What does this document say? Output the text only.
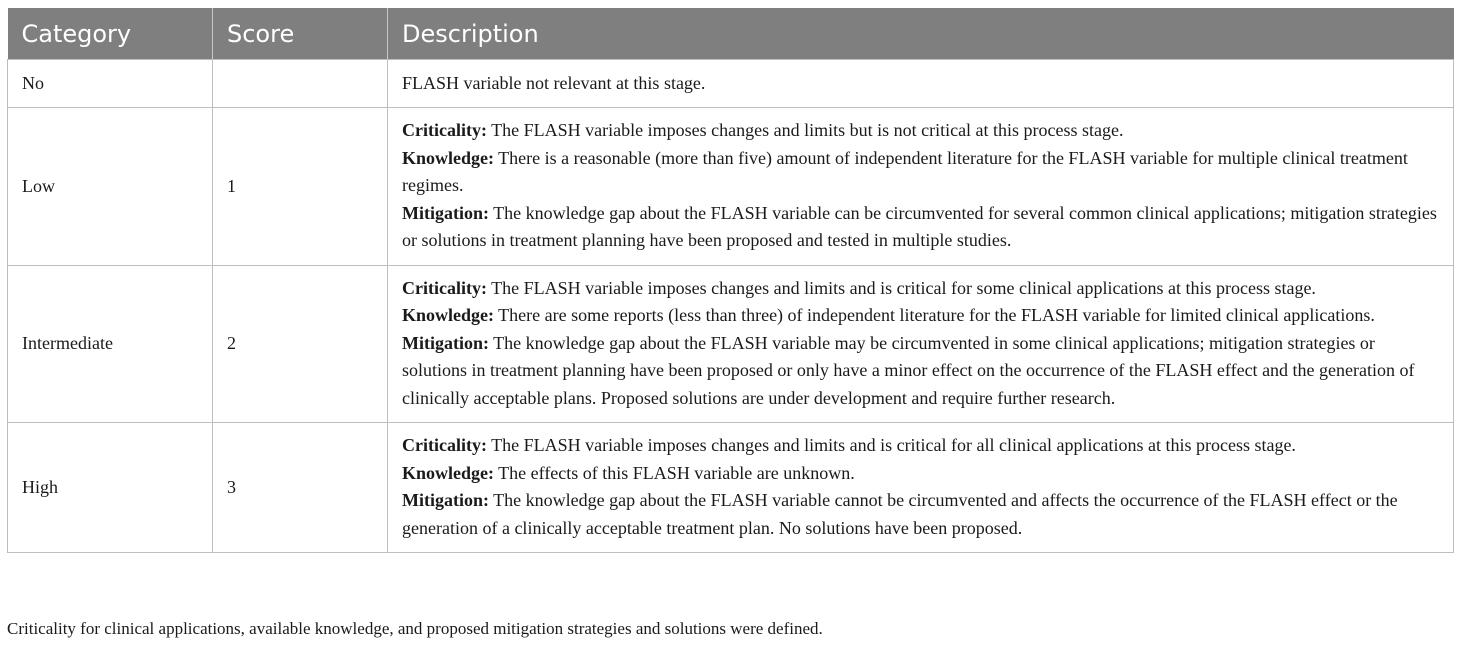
Category	Score	Description
No		FLASH variable not relevant at this stage.

Low	1	Criticality: The FLASH variable imposes changes and limits but is not critical at this process stage.
Knowledge: There is a reasonable (more than five) amount of independent literature for the FLASH variable for multiple clinical treatment regimes.
Mitigation: The knowledge gap about the FLASH variable can be circumvented for several common clinical applications; mitigation strategies or solutions in treatment planning have been proposed and tested in multiple studies.

Intermediate	2	Criticality: The FLASH variable imposes changes and limits and is critical for some clinical applications at this process stage.
Knowledge: There are some reports (less than three) of independent literature for the FLASH variable for limited clinical applications.
Mitigation: The knowledge gap about the FLASH variable may be circumvented in some clinical applications; mitigation strategies or solutions in treatment planning have been proposed or only have a minor effect on the occurrence of the FLASH effect and the generation of clinically acceptable plans. Proposed solutions are under development and require further research.

High	3	Criticality: The FLASH variable imposes changes and limits and is critical for all clinical applications at this process stage.
Knowledge: The effects of this FLASH variable are unknown.
Mitigation: The knowledge gap about the FLASH variable cannot be circumvented and affects the occurrence of the FLASH effect or the generation of a clinically acceptable treatment plan. No solutions have been proposed.
Criticality for clinical applications, available knowledge, and proposed mitigation strategies and solutions were defined.
